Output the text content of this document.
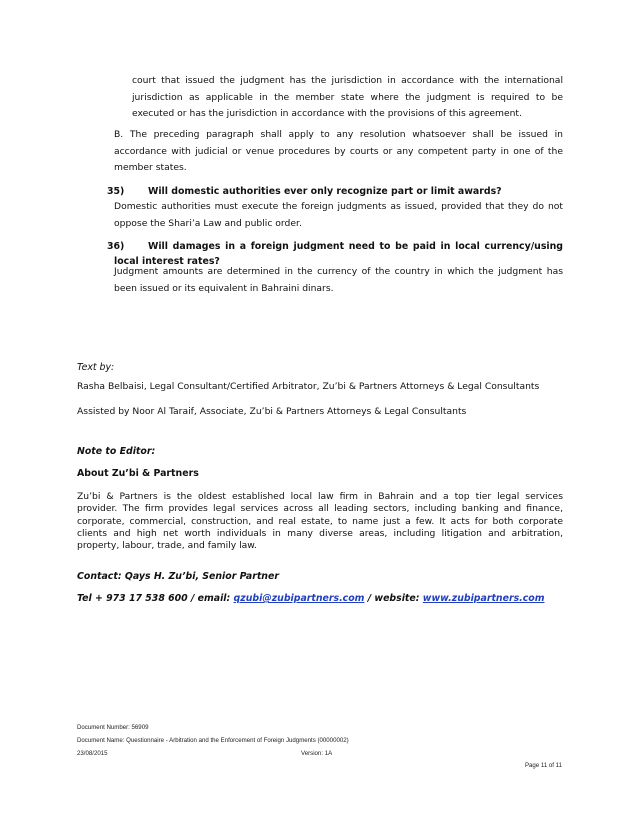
court that issued the judgment has the jurisdiction in accordance with the international

jurisdiction as applicable in the member state where the judgment is required to be

executed or has the jurisdiction in accordance with the provisions of this agreement.

B. The preceding paragraph shall apply to any resolution whatsoever shall be issued in

accordance with judicial or venue procedures by courts or any competent party in one of the

member states.

35)	Will domestic authorities ever only recognize part or limit awards?

Domestic authorities must execute the foreign judgments as issued, provided that they do not

oppose the Shari’a Law and public order.

36)	Will damages in a foreign judgment need to be paid in local currency/using
local interest rates?

Judgment amounts are determined in the currency of the country in which the judgment has

been issued or its equivalent in Bahraini dinars.

Text by:
Rasha Belbaisi, Legal Consultant/Certified Arbitrator, Zu’bi & Partners Attorneys & Legal Consultants
Assisted by Noor Al Taraif, Associate, Zu’bi & Partners Attorneys & Legal Consultants
Note to Editor:
About Zu’bi & Partners

Zu’bi & Partners is the oldest established local law firm in Bahrain and a top tier legal services

provider. The firm provides legal services across all leading sectors, including banking and finance,

corporate, commercial, construction, and real estate, to name just a few. It acts for both corporate

clients and high net worth individuals in many diverse areas, including litigation and arbitration,

property, labour, trade, and family law.

Contact: Qays H. Zu’bi, Senior Partner
Tel + 973 17 538 600 / email: qzubi@zubipartners.com / website: www.zubipartners.com
Document Number: 56909
Document Name: Questionnaire - Arbitration and the Enforcement of Foreign Judgments (00000002)
23/08/2015	Version: 1A
Page 11 of 11
